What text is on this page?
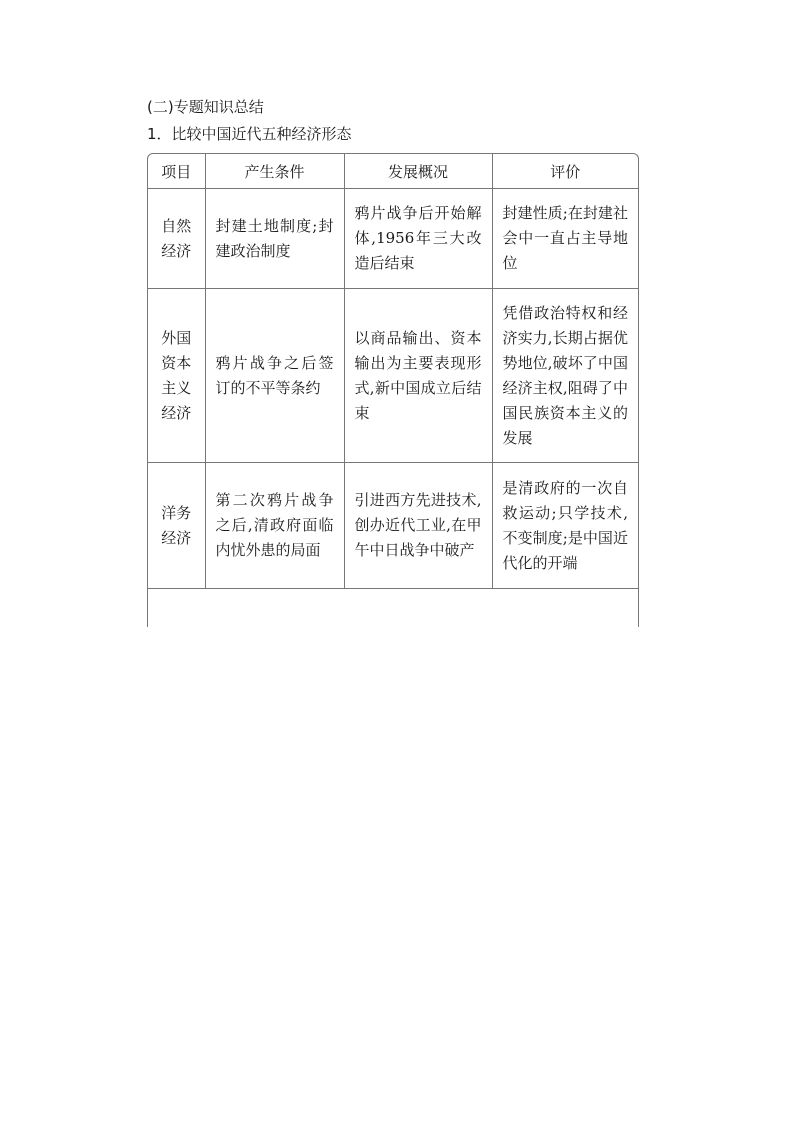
(二)专题知识总结
1．比较中国近代五种经济形态
项目	产生条件	发展概况	评价

自然
经济	封建土地制度;封建政治制度	鸦片战争后开始解体,1956年三大改造后结束	封建性质;在封建社会中一直占主导地位

外国
资本
主义
经济	鸦片战争之后签订的不平等条约	以商品输出、资本输出为主要表现形式,新中国成立后结束	凭借政治特权和经济实力,长期占据优势地位,破坏了中国经济主权,阻碍了中国民族资本主义的发展

洋务
经济	第二次鸦片战争之后,清政府面临内忧外患的局面	引进西方先进技术,创办近代工业,在甲午中日战争中破产	是清政府的一次自救运动;只学技术,不变制度;是中国近代化的开端
